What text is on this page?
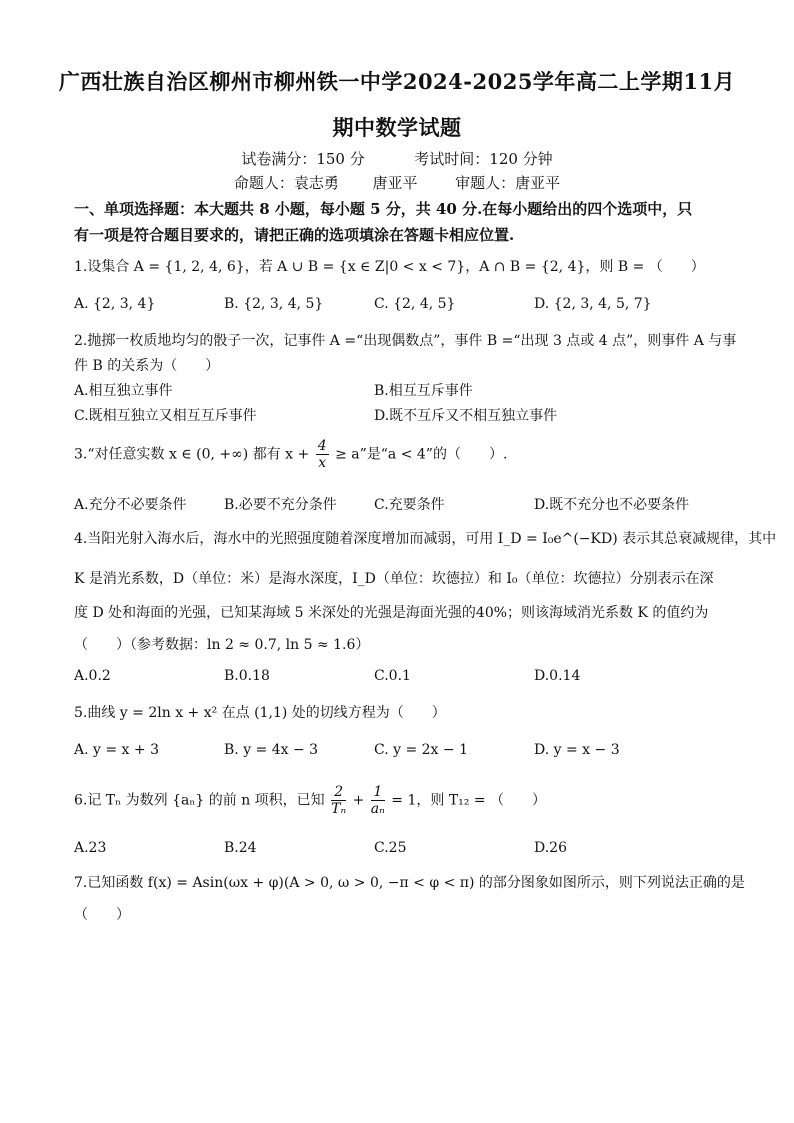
广西壮族自治区柳州市柳州铁一中学2024-2025学年高二上学期11月
期中数学试题
试卷满分：150 分	考试时间：120 分钟
命题人：袁志勇 唐亚平	审题人：唐亚平
一、单项选择题：本大题共 8 小题，每小题 5 分，共 40 分.在每小题给出的四个选项中，只
有一项是符合题目要求的，请把正确的选项填涂在答题卡相应位置.
1.设集合 A = {1, 2, 4, 6}，若 A ∪ B = {x ∈ Z|0 < x < 7}，A ∩ B = {2, 4}，则 B = （　　）
A. {2, 3, 4}	B. {2, 3, 4, 5}	C. {2, 4, 5}	D. {2, 3, 4, 5, 7}
2.抛掷一枚质地均匀的骰子一次，记事件 A =“出现偶数点”，事件 B =“出现 3 点或 4 点”，则事件 A 与事
件 B 的关系为（　　）
A.相互独立事件	B.相互互斥事件
C.既相互独立又相互互斥事件	D.既不互斥又不相互独立事件
3.“对任意实数 x ∈ (0, +∞) 都有 $x + \frac{4}{x} \ge a$”是“a < 4”的（　　）.
A.充分不必要条件	B.必要不充分条件	C.充要条件	D.既不充分也不必要条件
4.当阳光射入海水后，海水中的光照强度随着深度增加而减弱，可用 I_D = I₀e^(−KD) 表示其总衰减规律，其中
K 是消光系数，D（单位：米）是海水深度，I_D（单位：坎德拉）和 I₀（单位：坎德拉）分别表示在深
度 D 处和海面的光强，已知某海域 5 米深处的光强是海面光强的40%；则该海域消光系数 K 的值约为
（　　）（参考数据：ln 2 ≈ 0.7, ln 5 ≈ 1.6）
A.0.2	B.0.18	C.0.1	D.0.14
5.曲线 y = 2ln x + x² 在点 (1,1) 处的切线方程为（　　）
A. y = x + 3	B. y = 4x − 3	C. y = 2x − 1	D. y = x − 3
6.记 Tₙ 为数列 {aₙ} 的前 n 项积，已知 $\frac{2}{\text{Tₙ}} + \frac{1}{\text{aₙ}} = 1$，则 T₁₂ = （　　）
A.23	B.24	C.25	D.26
7.已知函数 f(x) = Asin(ωx + φ)(A > 0, ω > 0, −π < φ < π) 的部分图象如图所示，则下列说法正确的是
（　　）
